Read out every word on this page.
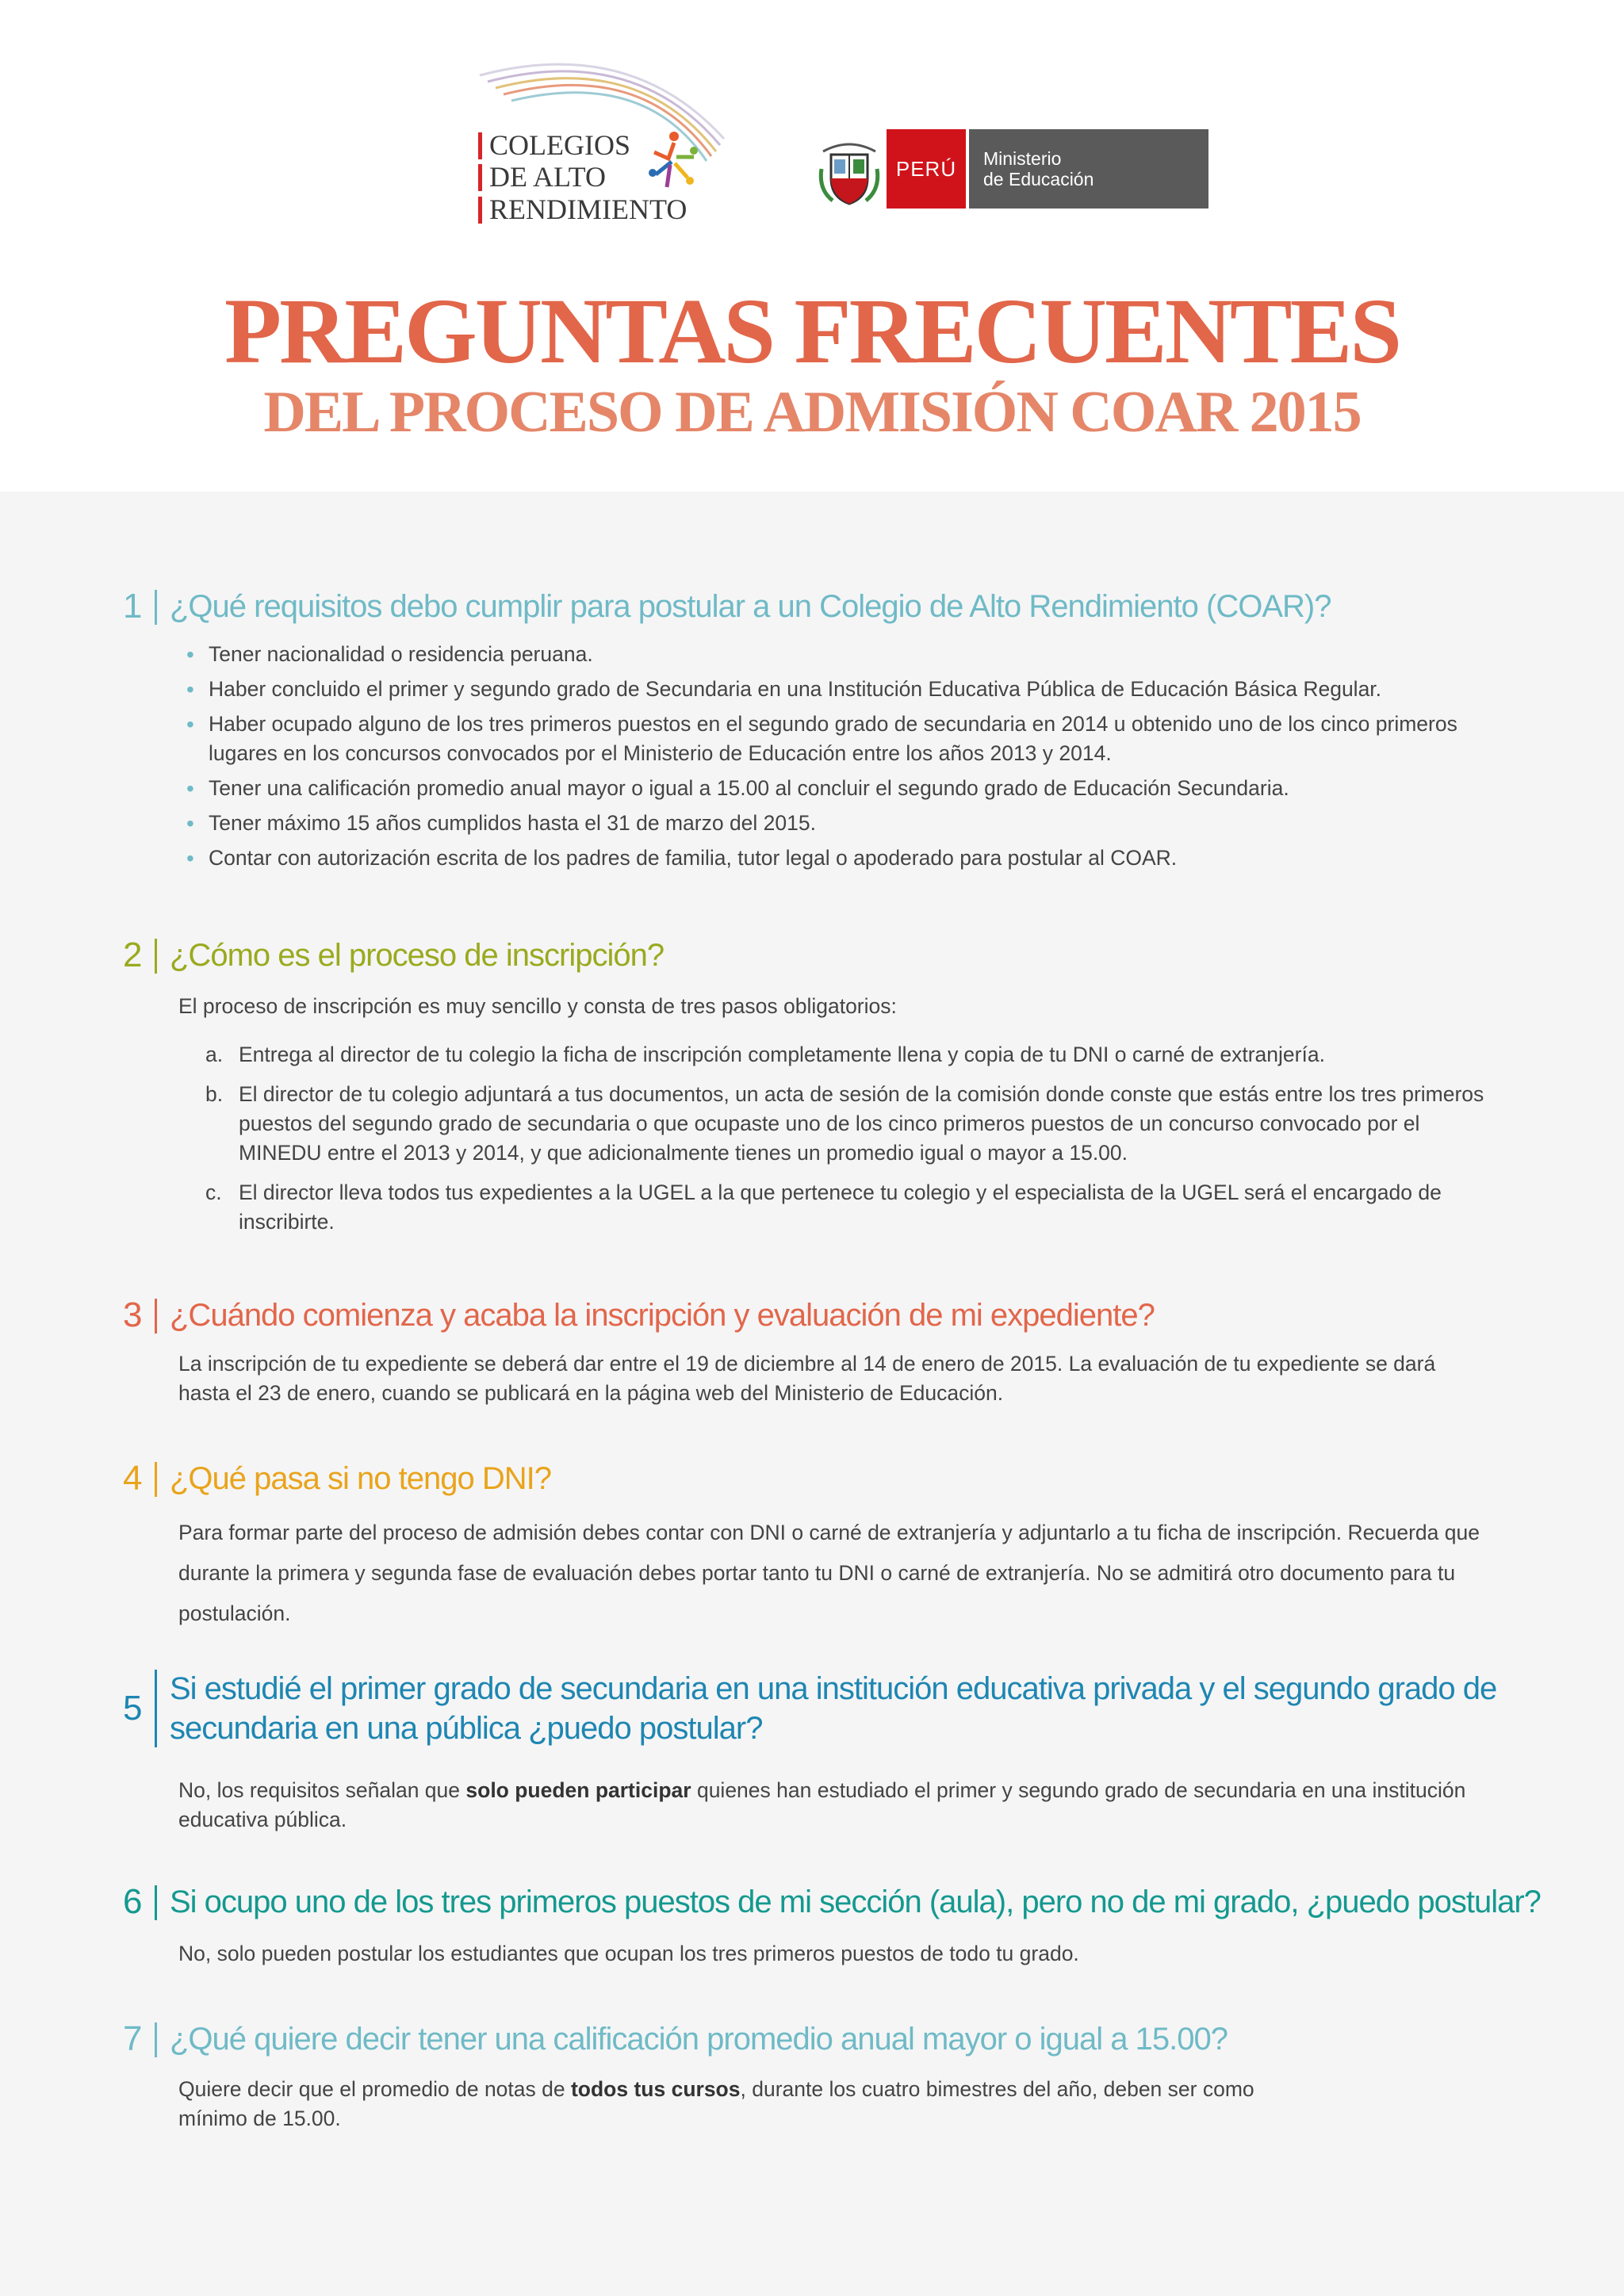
COLEGIOS
DE ALTO
RENDIMIENTO
PERÚ	Ministerio
de Educación
PREGUNTAS FRECUENTES
DEL PROCESO DE ADMISIÓN COAR 2015
1 ¿Qué requisitos debo cumplir para postular a un Colegio de Alto Rendimiento (COAR)?
• Tener nacionalidad o residencia peruana.
• Haber concluido el primer y segundo grado de Secundaria en una Institución Educativa Pública de Educación Básica Regular.
• Haber ocupado alguno de los tres primeros puestos en el segundo grado de secundaria en 2014 u obtenido uno de los cinco primeros lugares en los concursos convocados por el Ministerio de Educación entre los años 2013 y 2014.
• Tener una calificación promedio anual mayor o igual a 15.00 al concluir el segundo grado de Educación Secundaria.
• Tener máximo 15 años cumplidos hasta el 31 de marzo del 2015.
• Contar con autorización escrita de los padres de familia, tutor legal o apoderado para postular al COAR.
2 ¿Cómo es el proceso de inscripción?

El proceso de inscripción es muy sencillo y consta de tres pasos obligatorios:

a. Entrega al director de tu colegio la ficha de inscripción completamente llena y copia de tu DNI o carné de extranjería.
b. El director de tu colegio adjuntará a tus documentos, un acta de sesión de la comisión donde conste que estás entre los tres primeros puestos del segundo grado de secundaria o que ocupaste uno de los cinco primeros puestos de un concurso convocado por el MINEDU entre el 2013 y 2014, y que adicionalmente tienes un promedio igual o mayor a 15.00.
c. El director lleva todos tus expedientes a la UGEL a la que pertenece tu colegio y el especialista de la UGEL será el encargado de inscribirte.
3 ¿Cuándo comienza y acaba la inscripción y evaluación de mi expediente?

La inscripción de tu expediente se deberá dar entre el 19 de diciembre al 14 de enero de 2015. La evaluación de tu expediente se dará hasta el 23 de enero, cuando se publicará en la página web del Ministerio de Educación.

4 ¿Qué pasa si no tengo DNI?

Para formar parte del proceso de admisión debes contar con DNI o carné de extranjería y adjuntarlo a tu ficha de inscripción. Recuerda que durante la primera y segunda fase de evaluación debes portar tanto tu DNI o carné de extranjería. No se admitirá otro documento para tu postulación.

5 Si estudié el primer grado de secundaria en una institución educativa privada y el segundo grado de secundaria en una pública ¿puedo postular?

No, los requisitos señalan que solo pueden participar quienes han estudiado el primer y segundo grado de secundaria en una institución educativa pública.

6 Si ocupo uno de los tres primeros puestos de mi sección (aula), pero no de mi grado, ¿puedo postular?

No, solo pueden postular los estudiantes que ocupan los tres primeros puestos de todo tu grado.

7 ¿Qué quiere decir tener una calificación promedio anual mayor o igual a 15.00?

Quiere decir que el promedio de notas de todos tus cursos, durante los cuatro bimestres del año, deben ser como mínimo de 15.00.
